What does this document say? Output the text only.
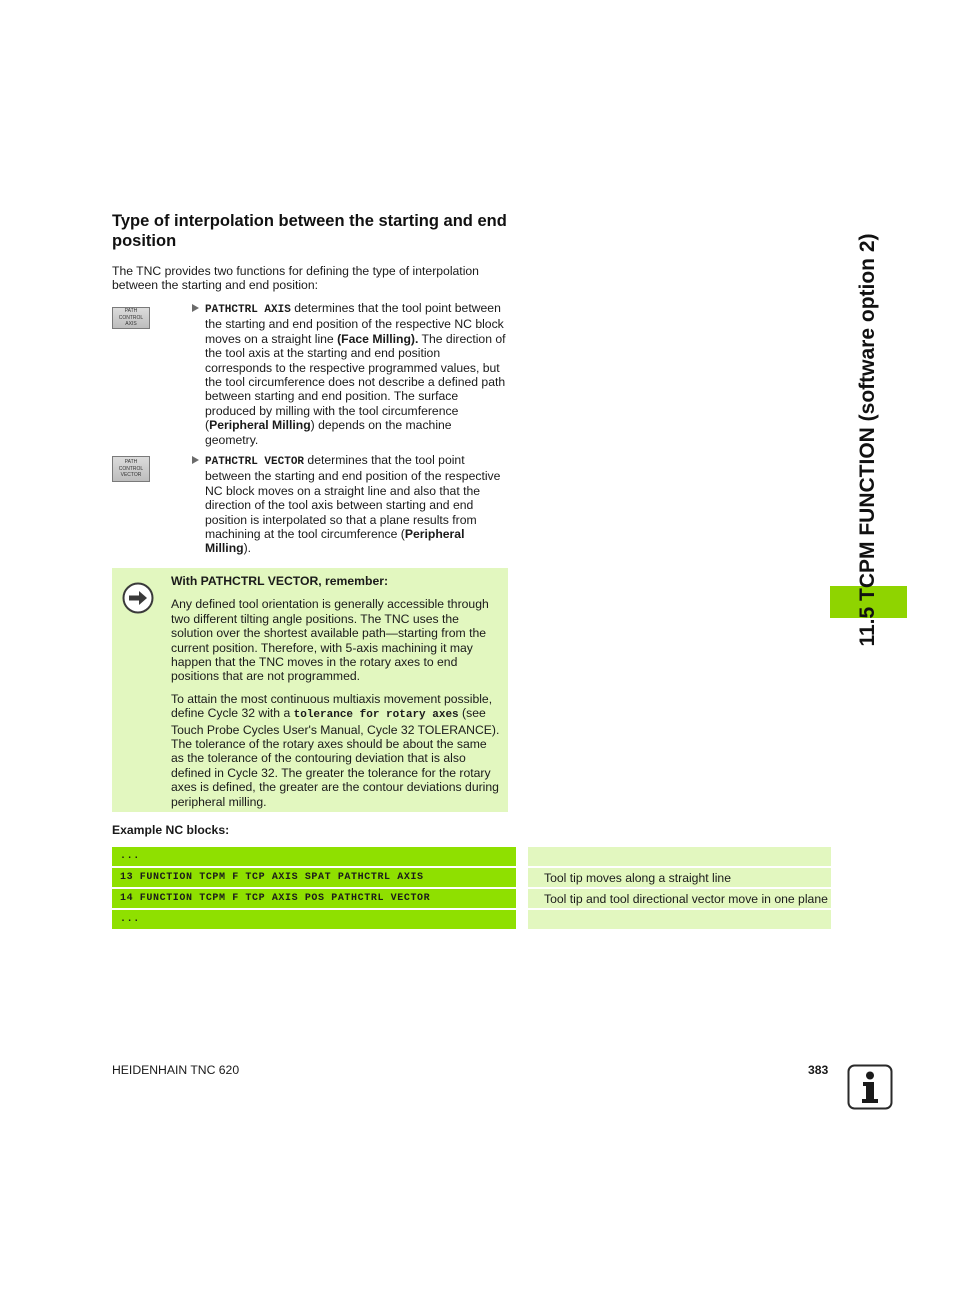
Type of interpolation between the starting and end position

The TNC provides two functions for defining the type of interpolation between the starting and end position:

PATH
CONTROL
AXIS
PATHCTRL AXIS determines that the tool point between the starting and end position of the respective NC block moves on a straight line (Face Milling). The direction of the tool axis at the starting and end position corresponds to the respective programmed values, but the tool circumference does not describe a defined path between starting and end position. The surface produced by milling with the tool circumference (Peripheral Milling) depends on the machine geometry.
PATH
CONTROL
VECTOR
PATHCTRL VECTOR determines that the tool point between the starting and end position of the respective NC block moves on a straight line and also that the direction of the tool axis between starting and end position is interpolated so that a plane results from machining at the tool circumference (Peripheral Milling).

With PATHCTRL VECTOR, remember:

Any defined tool orientation is generally accessible through two different tilting angle positions. The TNC uses the solution over the shortest available path—starting from the current position. Therefore, with 5-axis machining it may happen that the TNC moves in the rotary axes to end positions that are not programmed.

To attain the most continuous multiaxis movement possible, define Cycle 32 with a tolerance for rotary axes (see Touch Probe Cycles User's Manual, Cycle 32 TOLERANCE). The tolerance of the rotary axes should be about the same as the tolerance of the contouring deviation that is also defined in Cycle 32. The greater the tolerance for the rotary axes is defined, the greater are the contour deviations during peripheral milling.

Example NC blocks:

...		
13 FUNCTION TCPM F TCP AXIS SPAT PATHCTRL AXIS		Tool tip moves along a straight line
14 FUNCTION TCPM F TCP AXIS POS PATHCTRL VECTOR		Tool tip and tool directional vector move in one plane
...		
11.5 TCPM FUNCTION (software option 2)
HEIDENHAIN TNC 620	383
